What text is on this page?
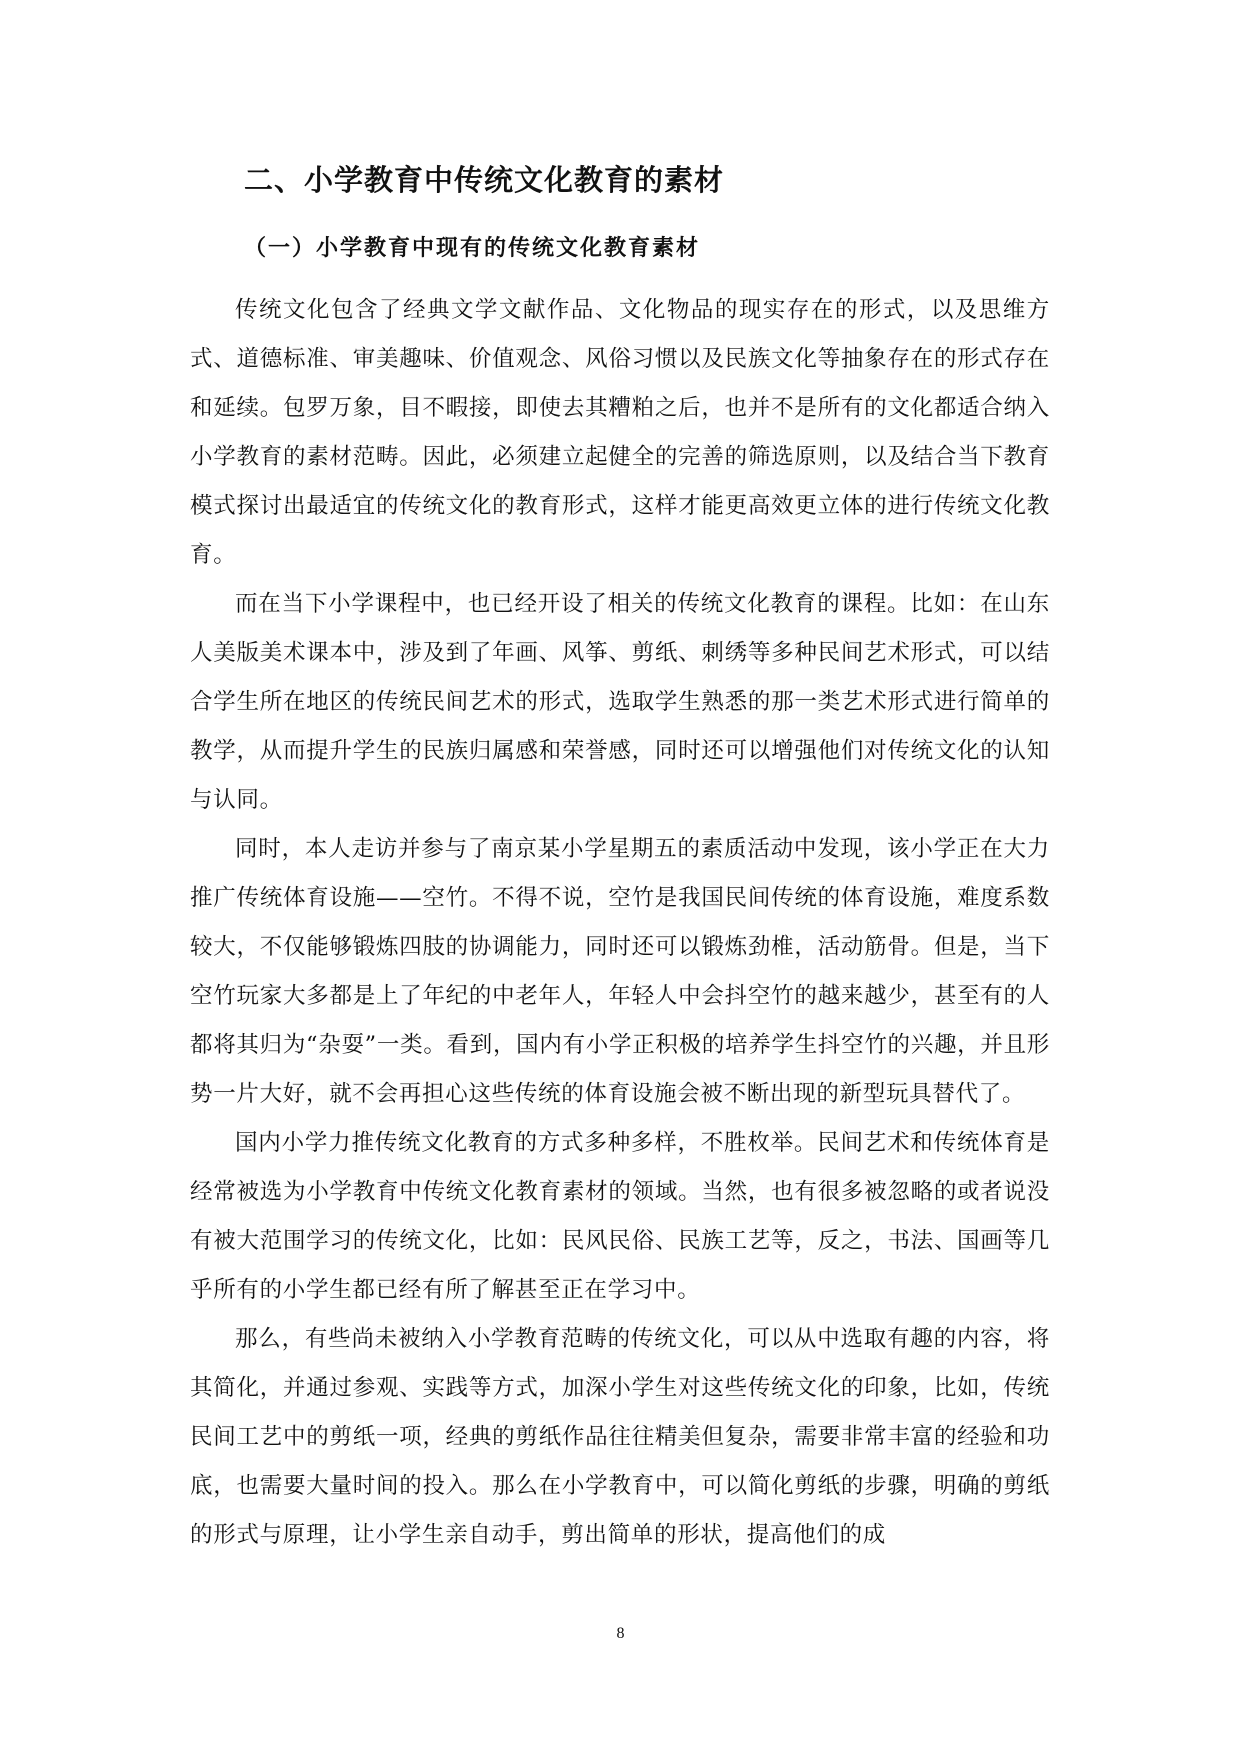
二、小学教育中传统文化教育的素材
（一）小学教育中现有的传统文化教育素材

传统文化包含了经典文学文献作品、文化物品的现实存在的形式，以及思维方式、道德标准、审美趣味、价值观念、风俗习惯以及民族文化等抽象存在的形式存在和延续。包罗万象，目不暇接，即使去其糟粕之后，也并不是所有的文化都适合纳入小学教育的素材范畴。因此，必须建立起健全的完善的筛选原则，以及结合当下教育模式探讨出最适宜的传统文化的教育形式，这样才能更高效更立体的进行传统文化教育。

而在当下小学课程中，也已经开设了相关的传统文化教育的课程。比如：在山东人美版美术课本中，涉及到了年画、风筝、剪纸、刺绣等多种民间艺术形式，可以结合学生所在地区的传统民间艺术的形式，选取学生熟悉的那一类艺术形式进行简单的教学，从而提升学生的民族归属感和荣誉感，同时还可以增强他们对传统文化的认知与认同。

同时，本人走访并参与了南京某小学星期五的素质活动中发现，该小学正在大力推广传统体育设施——空竹。不得不说，空竹是我国民间传统的体育设施，难度系数较大，不仅能够锻炼四肢的协调能力，同时还可以锻炼劲椎，活动筋骨。但是，当下空竹玩家大多都是上了年纪的中老年人，年轻人中会抖空竹的越来越少，甚至有的人都将其归为“杂耍”一类。看到，国内有小学正积极的培养学生抖空竹的兴趣，并且形势一片大好，就不会再担心这些传统的体育设施会被不断出现的新型玩具替代了。

国内小学力推传统文化教育的方式多种多样，不胜枚举。民间艺术和传统体育是经常被选为小学教育中传统文化教育素材的领域。当然，也有很多被忽略的或者说没有被大范围学习的传统文化，比如：民风民俗、民族工艺等，反之，书法、国画等几乎所有的小学生都已经有所了解甚至正在学习中。

那么，有些尚未被纳入小学教育范畴的传统文化，可以从中选取有趣的内容，将其简化，并通过参观、实践等方式，加深小学生对这些传统文化的印象，比如，传统民间工艺中的剪纸一项，经典的剪纸作品往往精美但复杂，需要非常丰富的经验和功底，也需要大量时间的投入。那么在小学教育中，可以简化剪纸的步骤，明确的剪纸的形式与原理，让小学生亲自动手，剪出简单的形状，提高他们的成

8
